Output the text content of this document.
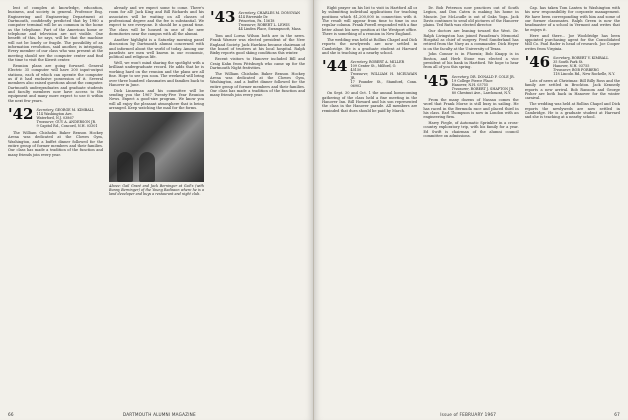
lent of complex at knowledge, education, business, and society in general. Professor Eng. Engineering and Engineering Department at Dartmouth, confidently predicted that by 1980 a computer terminal will be as common in the home as the telephone. Part of the American home or telephone and television are not visible. One benefit of this, he says, will be that the machine will not be lonely or fragile. The possibility of an information revolution, said another, is intriguing. Every member of our class who was present at the meeting should see the computer center and find the time to visit the Kiewit center.

Reunion plans are going forward. General Electric 35 computer will have 200 input-output stations, each of which can operate the computer as if it had exclusive possession of it. Several members also raised questions about the computer. Dartmouth undergraduates and graduate students and faculty members now have access to the equipment and many more expect to use it within the next few years.

'42 Secretary, GEORGE M. KIMBALL
114 Washington Ave.
Waterford, N.J. 03867
Treasurer, GUY A. ANDERSON JR.
9 Capitol Rd., Concord, N.H. 03301

The William Chisholm Baker Benson Hockey Arena was dedicated at the Clowes Gym, Washington, and a buffet dinner followed for the entire group of former members and their families. Our class has made a tradition of the function and many friends join every year.

already and we expect some to come. There's room for all! Jack King and Bill Richards and his associates will be waiting on all classes of professional degree and the fee is substantial. We expect to see everyone. It should be a grand time. The class will be housed in one of the new dormitories near the campus with all the alumni.

Another highlight is a Saturday morning panel discussion by Dartmouth alumni concerned with and informed about the world of today. Among our panelists are men well known in our economic, political and religious life.

Well, we won't mind sharing the spotlight with a brilliant undergraduate record. He adds that he is working hard on the reunion and the plans are all fine. Hope to see you soon. The weekend will bring over three hundred classmates and families back to Hanover in June.

Dick Linneman and his committee will be sending you the 1967 Twenty-Five Year Reunion News. Expect a good-size program. We know you will all enjoy the pleasant atmosphere that is being arranged. Keep watching the mail for the forms.

Above: Gail Grant and Jack Berninger at Gail's (with Bunny Berninger) of the Young Radisson where he is a land developer and buys a restaurant and night club.
'43 Secretary, CHARLES M. DONOVAN
414 Riverside Dr.
Princeton, Pa. 15618
Treasurer, ROBERT L. LEWIS
44 Linden Place, Swampscott, Mass.

Tom and Lorna Wilson both are in the news. Frank Warner was elected president of the New England Society. Jack Hawkins became chairman of the board of trustees at his local hospital. Ralph Bixby reports good skiing conditions this winter.

Recent visitors to Hanover included Bill and Craig Kahn from Pittsburgh who came up for the Dartmouth Night festivities.

The William Chisholm Baker Benson Hockey Arena was dedicated at the Clowes Gym, Washington, and a buffet dinner followed for the entire group of former members and their families. Our class has made a tradition of the function and many friends join every year.

66	DARTMOUTH ALUMNI MAGAZINE

Eight prayer on his list to visit in Hartford all or by submitting individual applications for teaching positions which $1,200,000 in connection with it. The result will appear from time to time in our regular column. Frank Powell responded with a fine letter about his new position at the Westport office. There is something of a reunion in New England.

The wedding was held at Rollins Chapel and Dick reports the newlyweds are now settled in Cambridge. He is a graduate student at Harvard and she is teaching at a nearby school.

'44 Secretary, ROBERT A. MILLER
109 Center St., Milford, O.
45150
Treasurer, WILLIAM H. MCELWAIN JR.
17 Pounder St., Stamford, Conn. 06902

On Sept. 30 and Oct. 1 the annual homecoming gathering of the class held a fine meeting in the Hanover Inn. Bill Howard and his son represented the class in the Hanover parade. All members are reminded that dues should be paid by March.

Dr. Bob Peterson now practices out of South Legion, and Don Caten is making his home in Muncie. Joe McLoudle is out of Oaks Yoga. Jack Davis continues to send old pictures of the Hanover plains. Ted Ruth was elected director.

Our doctors are leaning toward the West. Dr. Ralph Livingston has joined Pasadena's Memorial Hospital as chief of surgery. Fred Sunderland has retired from the Navy as a commander. Dick Heyer is on the faculty at the University of Texas.

John Connor is in Phoenix; Bob Knapp is in Boston, and Herb Stone was elected a vice president of his bank in Hartford. We hope to hear from all of you this spring.

'45 Secretary, DR. DONALD F. COLE JR.
19 College Pierce Place
Hanover, N.H. 03755
Treasurer, ROBERT J. SHAPTON JR.
80 Chestnut Ave., Larchmont, N.Y.

From the many dozens of Nassau comes the word that Frank Morse is still busy in sailing. He has raced in the Bermuda race and placed third in his class. Earl Thompson is now in London with an engineering firm.

Harry Fiegle, of Automatic Sprinkler in a cross-country exploratory trip, with his family for a year. Ed Swift is chairman of the alumni council committee on admissions.

Cap. has taken Tom Lanten to Washington with his new responsibility for corporate management. We have been corresponding with him and some of our former classmates. Ralph Green is now the headmaster of a school in Vermont and writes that he enjoys it.

Here and there... Joe Wooldridge has been appointed purchasing agent for the Consolidated Mill Co. Paul Rader is head of research. Joe Cooper writes from Virginia.

'46 Secretary, ROBERT V. KIMBALL
35 South Park St.
Hanover, N.H. 03755
Treasurer, BOB FORBERG
118 Lincoln Rd., New Rochelle, N.Y.

Lots of news at Christmas: Bill Billy Ross and the family are settled in Brockton. Jack Kennedy reports a new arrival. Bob Ransom and George Fisher are both back in Hanover for the winter carnival.

The wedding was held at Rollins Chapel and Dick reports the newlyweds are now settled in Cambridge. He is a graduate student at Harvard and she is teaching at a nearby school.

Issue of FEBRUARY 1967	67
